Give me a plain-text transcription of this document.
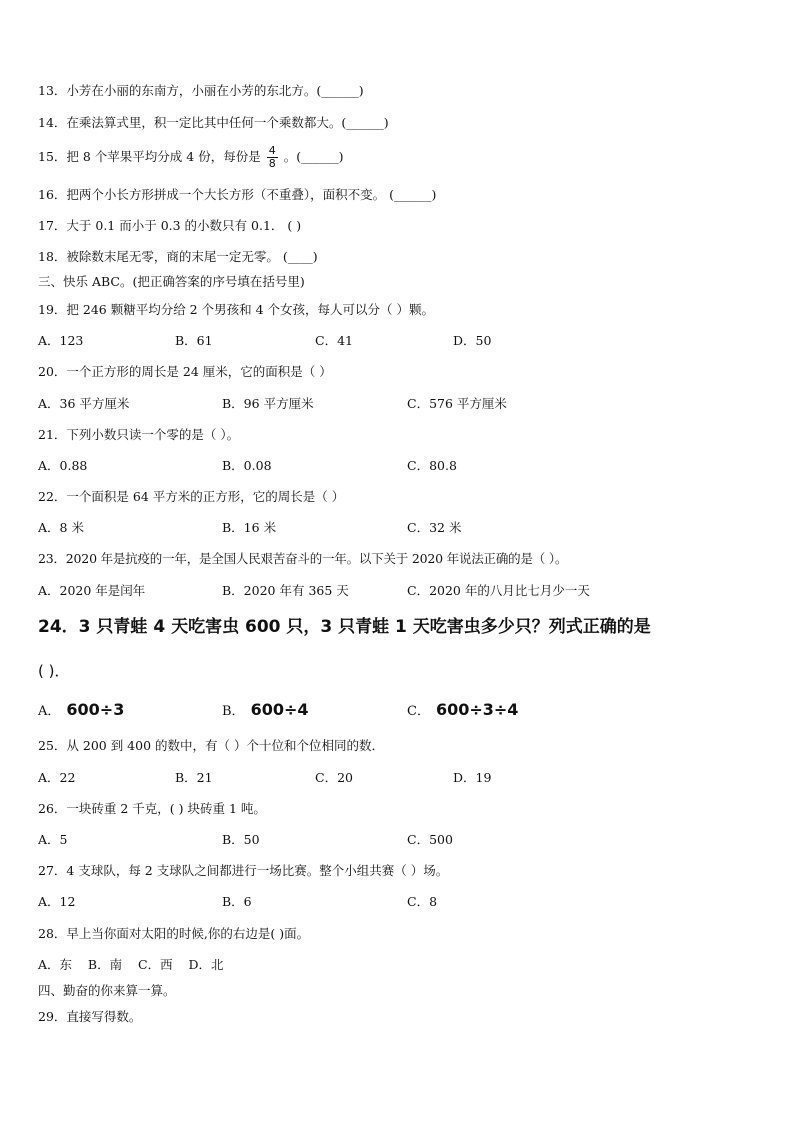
13．小芳在小丽的东南方，小丽在小芳的东北方。(______)
14．在乘法算式里，积一定比其中任何一个乘数都大。(______)
15．把 8 个苹果平均分成 4 份，每份是 $\frac{4}{8}$ 。(______)
16．把两个小长方形拼成一个大长方形（不重叠），面积不变。 (______)
17．大于 0.1 而小于 0.3 的小数只有 0.1． ( )
18．被除数末尾无零，商的末尾一定无零。 (____)
三、快乐 ABC。(把正确答案的序号填在括号里)
19．把 246 颗糖平均分给 2 个男孩和 4 个女孩，每人可以分（ ）颗。
A．123	B．61	C．41	D．50
20．一个正方形的周长是 24 厘米，它的面积是（ ）
A．36 平方厘米	B．96 平方厘米	C．576 平方厘米
21．下列小数只读一个零的是（ ）。
A．0.88	B．0.08	C．80.8
22．一个面积是 64 平方米的正方形，它的周长是（ ）
A．8 米	B．16 米	C．32 米
23．2020 年是抗疫的一年，是全国人民艰苦奋斗的一年。以下关于 2020 年说法正确的是（ ）。
A．2020 年是闰年	B．2020 年有 365 天	C．2020 年的八月比七月少一天
24．3 只青蛙 4 天吃害虫 600 只，3 只青蛙 1 天吃害虫多少只？列式正确的是
( )．
A． 600÷3	B． 600÷4	C． 600÷3÷4
25．从 200 到 400 的数中，有（ ）个十位和个位相同的数．
A．22	B．21	C．20	D．19
26．一块砖重 2 千克，( ) 块砖重 1 吨。
A．5	B．50	C．500
27．4 支球队，每 2 支球队之间都进行一场比赛。整个小组共赛（ ）场。
A．12	B．6	C．8
28．早上当你面对太阳的时候,你的右边是( )面。
A．东    B．南    C．西    D．北
四、勤奋的你来算一算。
29．直接写得数。
